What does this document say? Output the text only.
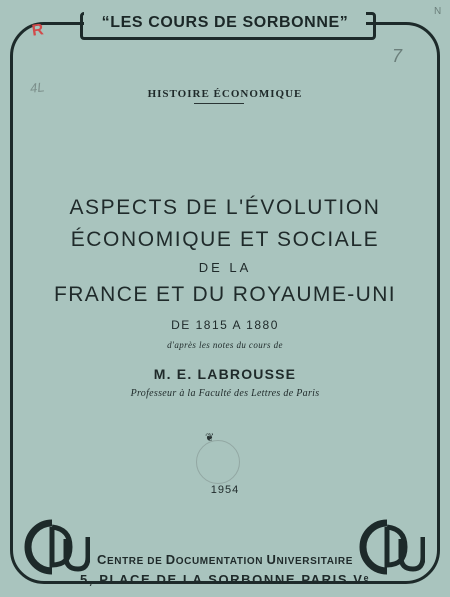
“LES COURS DE SORBONNE”
R
4L
7
N
HISTOIRE ÉCONOMIQUE
ASPECTS DE L'ÉVOLUTION
ÉCONOMIQUE ET SOCIALE
DE LA
FRANCE ET DU ROYAUME-UNI
DE 1815 A 1880
d'après les notes du cours de
M. E. LABROUSSE
Professeur à la Faculté des Lettres de Paris
❦
1954
CENTRE DE DOCUMENTATION UNIVERSITAIRE
5, PLACE DE LA SORBONNE PARIS Vᵉ
